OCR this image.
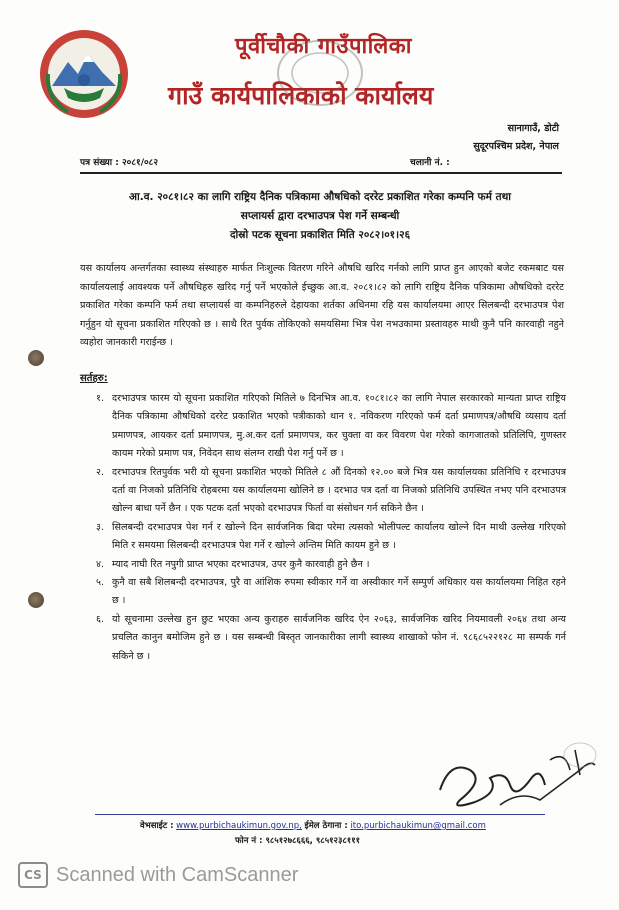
पूर्वीचौकी गाउँपालिका
गाउँ कार्यपालिकाको कार्यालय
सानागाउँ, डोटी
सुदूरपश्चिम प्रदेश, नेपाल
पत्र संख्या : २०८१/०८२	चलानी नं. :
आ.व. २०८१।८२ का लागि राष्ट्रिय दैनिक पत्रिकामा औषधिको दररेट प्रकाशित गरेका कम्पनि फर्म तथा
सप्लायर्स द्वारा दरभाउपत्र पेश गर्ने सम्बन्धी
दोस्रो पटक सूचना प्रकाशित मिति २०८२।०१।२६
यस कार्यालय अन्तर्गतका स्वास्थ्य संस्थाहरु मार्फत निःशुल्क वितरण गरिने औषधि खरिद गर्नको लागि प्राप्त हुन आएको बजेट रकमबाट यस कार्यालयलाई आवश्यक पर्ने औषधिहरु खरिद गर्नु पर्ने भएकोले ईच्छुक आ.व. २०८१।८२ को लागि राष्ट्रिय दैनिक पत्रिकामा औषधिको दररेट प्रकाशित गरेका कम्पनि फर्म तथा सप्लायर्स वा कम्पनिहरुले देहायका शर्तका अधिनमा रहि यस कार्यालयमा आएर सिलबन्दी दरभाउपत्र पेश गर्नुहुन यो सूचना प्रकाशित गरिएको छ । साथै रित पुर्वक तोकिएको समयसिमा भित्र पेश नभउकामा प्रस्तावहरु माथी कुनै पनि कारवाही नहुने व्यहोरा जानकारी गराईन्छ ।
सर्तहरु:
१. दरभाउपत्र फारम यो सूचना प्रकाशित गरिएको मितिले ७ दिनभित्र आ.व. १०८१।८२ का लागि नेपाल सरकारको मान्यता प्राप्त राष्ट्रिय दैनिक पत्रिकामा औषधिको दररेट प्रकाशित भएको पत्रीकाको थान १. नविकरण गरिएको फर्म दर्ता प्रमाणपत्र/औषधि व्यसाय दर्ता प्रमाणपत्र, आयकर दर्ता प्रमाणपत्र, मु.अ.कर दर्ता प्रमाणपत्र, कर चुक्ता वा कर विवरण पेश गरेको कागजातको प्रतिलिपि, गुणस्तर कायम गरेको प्रमाण पत्र, निवेदन साथ संलग्न राखी पेश गर्नु पर्ने छ ।
२. दरभाउपत्र रितपुर्वक भरी यो सूचना प्रकाशित भएको मितिले ८ औं दिनको १२.०० बजे भित्र यस कार्यालयका प्रतिनिधि र दरभाउपत्र दर्ता वा निजको प्रतिनिधि रोहबरमा यस कार्यालयमा खोलिने छ । दरभाउ पत्र दर्ता वा निजको प्रतिनिधि उपस्थित नभए पनि दरभाउपत्र खोल्न बाधा पर्ने छैन । एक पटक दर्ता भएको दरभाउपत्र फिर्ता वा संसोधन गर्न सकिने छैन ।
३. सिलबन्दी दरभाउपत्र पेश गर्न र खोल्ने दिन सार्वजनिक बिदा परेमा त्यसको भोलीपल्ट कार्यालय खोल्ने दिन माथी उल्लेख गरिएको मिति र समयमा सिलबन्दी दरभाउपत्र पेश गर्ने र खोल्ने अन्तिम मिति कायम हुने छ ।
४. म्याद नाघी रित नपुगी प्राप्त भएका दरभाउपत्र, उपर कुनै कारवाही हुने छैन ।
५. कुनै वा सबै शिलबन्दी दरभाउपत्र, पुरै वा आंशिक रुपमा स्वीकार गर्ने वा अस्वीकार गर्ने सम्पुर्ण अधिकार यस कार्यालयमा निहित रहने छ ।
६. यो सूचनामा उल्लेख हुन छुट भएका अन्य कुराहरु सार्वजनिक खरिद ऐन २०६३, सार्वजनिक खरिद नियमावली २०६४ तथा अन्य प्रचलित कानुन बमोजिम हुने छ । यस सम्बन्धी बिस्तृत जानकारीका लागी स्वास्थ्य शाखाको फोन नं. ९८६८५२२१२८ मा सम्पर्क गर्न सकिने छ ।
वेभसाईट : www.purbichaukimun.gov.np, ईमेल ठेगाना : ito.purbichaukimun@gmail.com
फोन नं : ९८५१२७८६६६, ९८५१२३८१११
CS Scanned with CamScanner
